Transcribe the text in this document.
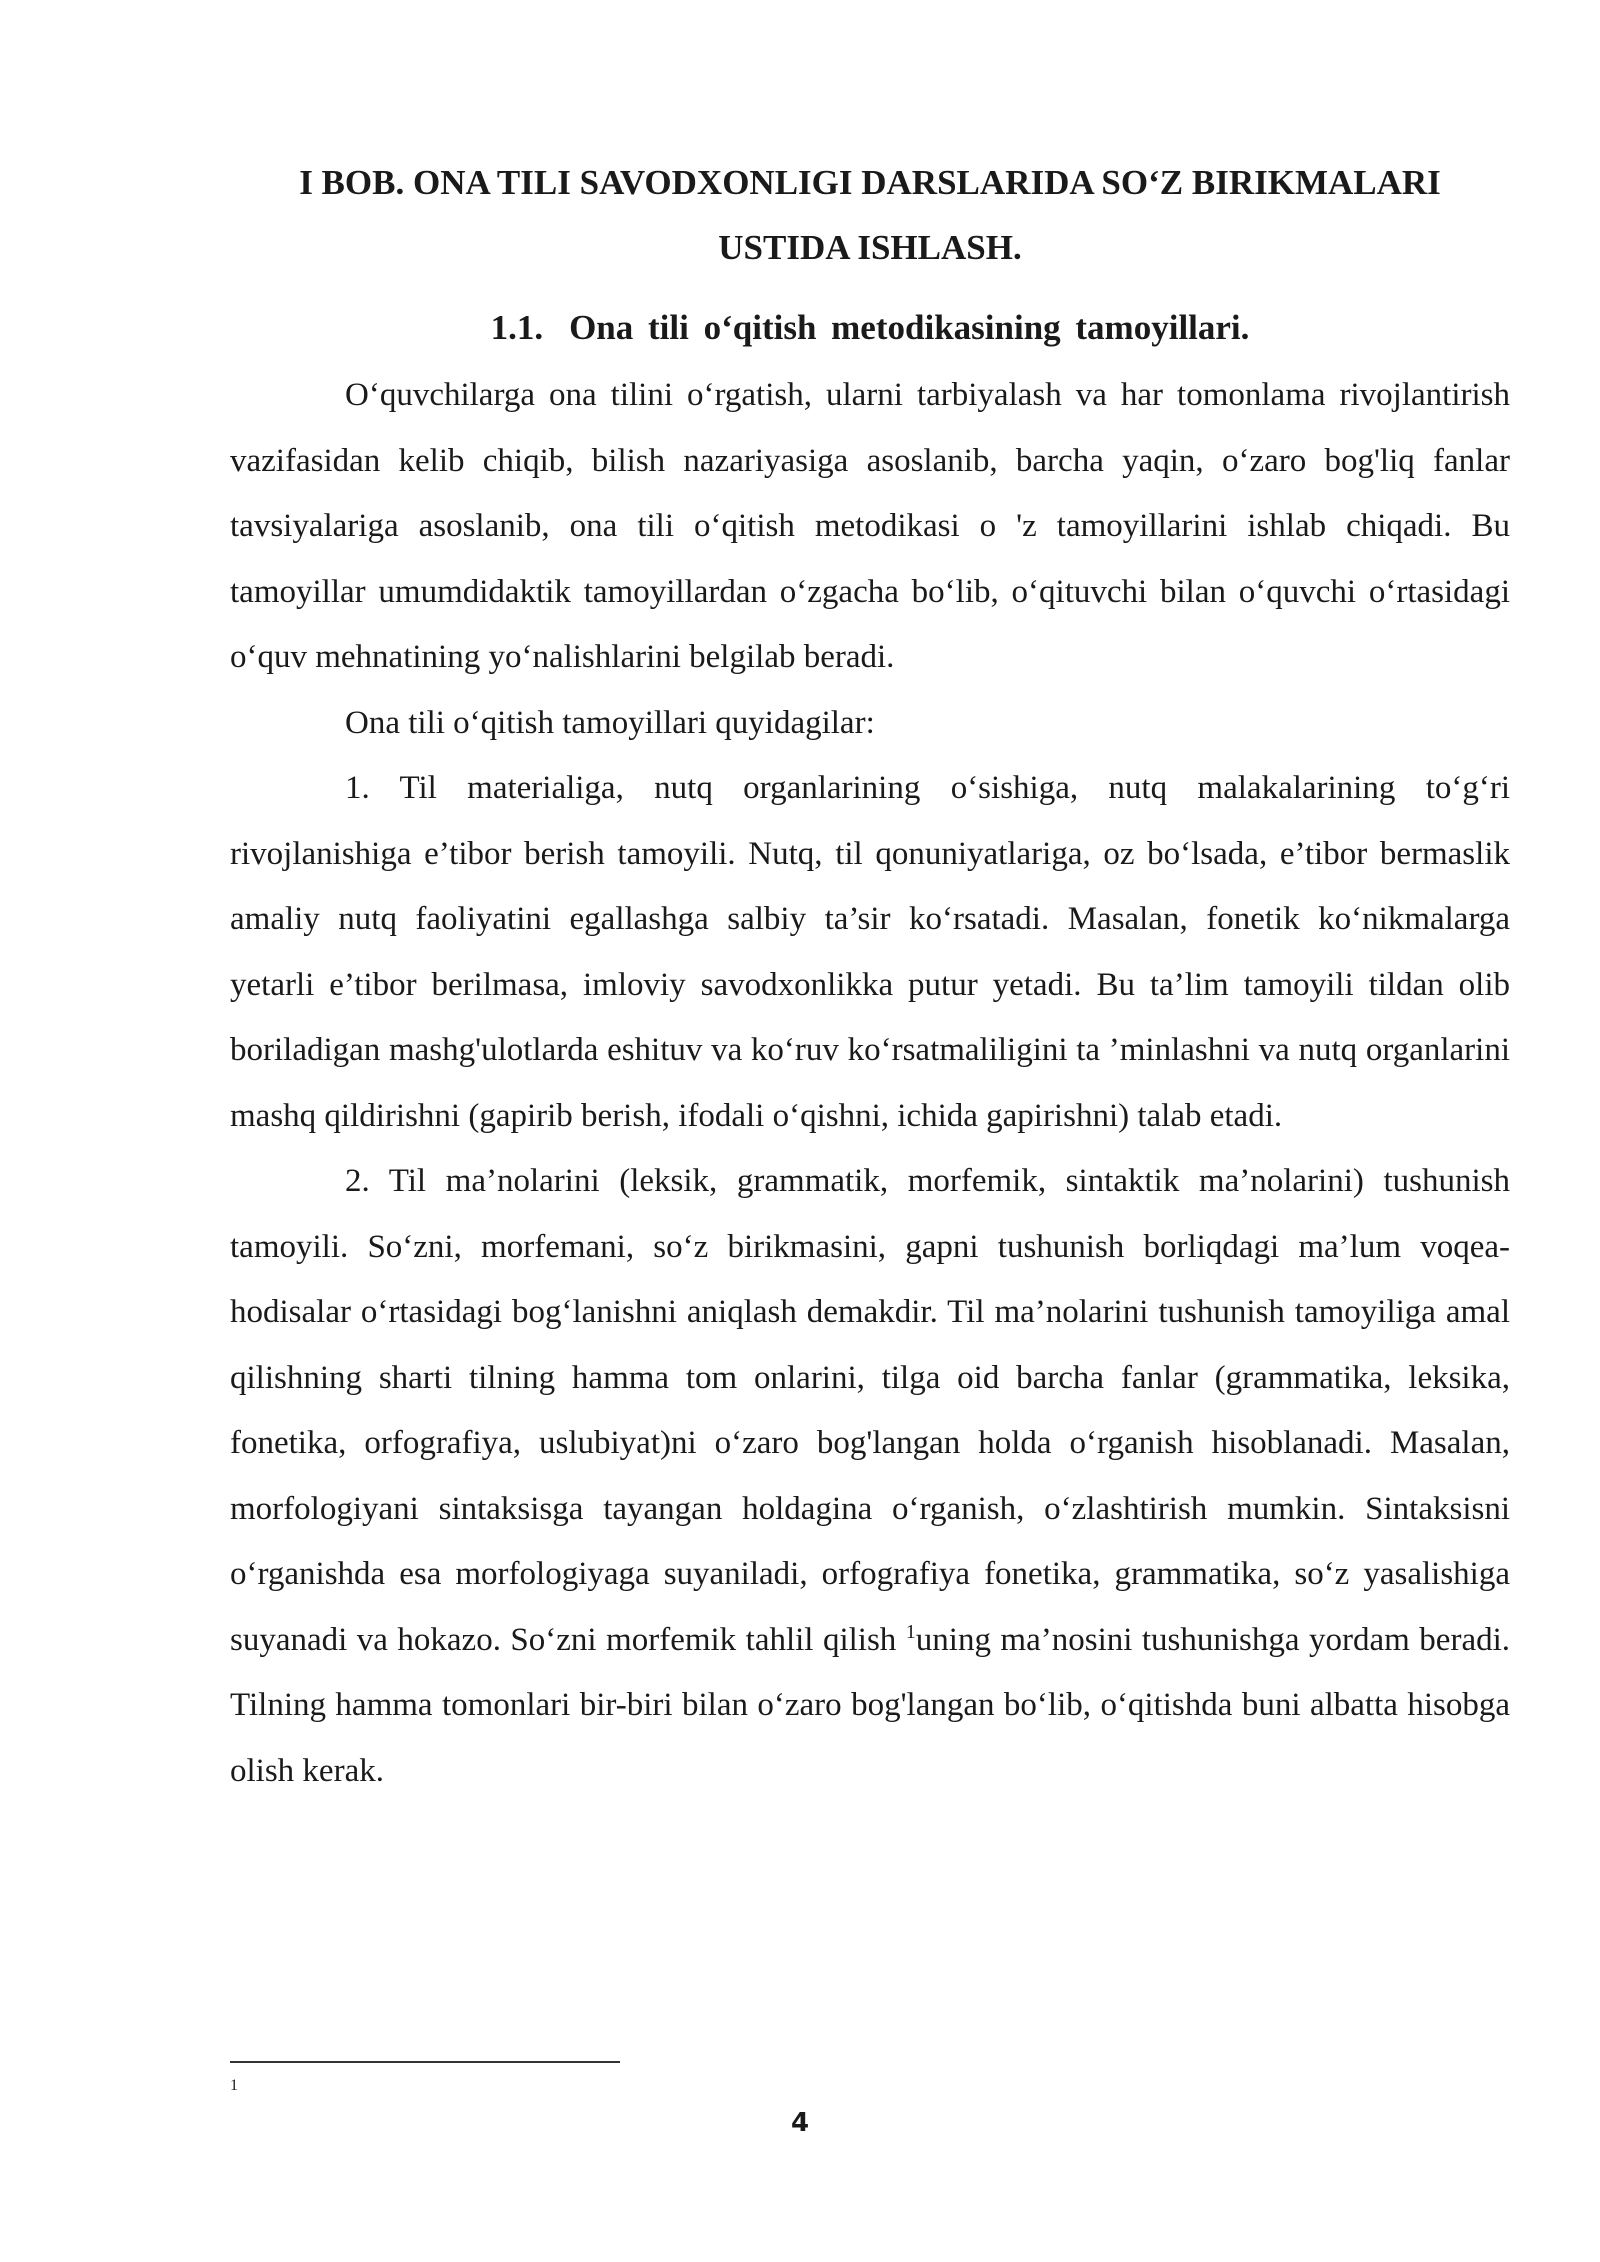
I BOB. ONA TILI SAVODXONLIGI DARSLARIDA SO‘Z BIRIKMALARI USTIDA ISHLASH.
1.1. Ona tili o‘qitish metodikasining tamoyillari.

O‘quvchilarga ona tilini o‘rgatish, ularni tarbiyalash va har tomonlama rivojlantirish vazifasidan kelib chiqib, bilish nazariyasiga asoslanib, barcha yaqin, o‘zaro bog'liq fanlar tavsiyalariga asoslanib, ona tili o‘qitish metodikasi o 'z tamoyillarini ishlab chiqadi. Bu tamoyillar umumdidaktik tamoyillardan o‘zgacha bo‘lib, o‘qituvchi bilan o‘quvchi o‘rtasidagi o‘quv mehnatining yo‘nalishlarini belgilab beradi.

Ona tili o‘qitish tamoyillari quyidagilar:

1. Til materialiga, nutq organlarining o‘sishiga, nutq malakalarining to‘g‘ri rivojlanishiga e’tibor berish tamoyili. Nutq, til qonuniyatlariga, oz bo‘lsada, e’tibor bermaslik amaliy nutq faoliyatini egallashga salbiy ta’sir ko‘rsatadi. Masalan, fonetik ko‘nikmalarga yetarli e’tibor berilmasa, imloviy savodxonlikka putur yetadi. Bu ta’lim tamoyili tildan olib boriladigan mashg'ulotlarda eshituv va ko‘ruv ko‘rsatmaliligini ta ’minlashni va nutq organlarini mashq qildirishni (gapirib berish, ifodali o‘qishni, ichida gapirishni) talab etadi.

2. Til ma’nolarini (leksik, grammatik, morfemik, sintaktik ma’nolarini) tushunish tamoyili. So‘zni, morfemani, so‘z birikmasini, gapni tushunish borliqdagi ma’lum voqea-hodisalar o‘rtasidagi bog‘lanishni aniqlash demakdir. Til ma’nolarini tushunish tamoyiliga amal qilishning sharti tilning hamma tom onlarini, tilga oid barcha fanlar (grammatika, leksika, fonetika, orfografiya, uslubiyat)ni o‘zaro bog'langan holda o‘rganish hisoblanadi. Masalan, morfologiyani sintaksisga tayangan holdagina o‘rganish, o‘zlashtirish mumkin. Sintaksisni o‘rganishda esa morfologiyaga suyaniladi, orfografiya fonetika, grammatika, so‘z yasalishiga suyanadi va hokazo. So‘zni morfemik tahlil qilish $^1$uning ma’nosini tushunishga yordam beradi. Tilning hamma tomonlari bir-biri bilan o‘zaro bog'langan bo‘lib, o‘qitishda buni albatta hisobga olish kerak.

1
4
